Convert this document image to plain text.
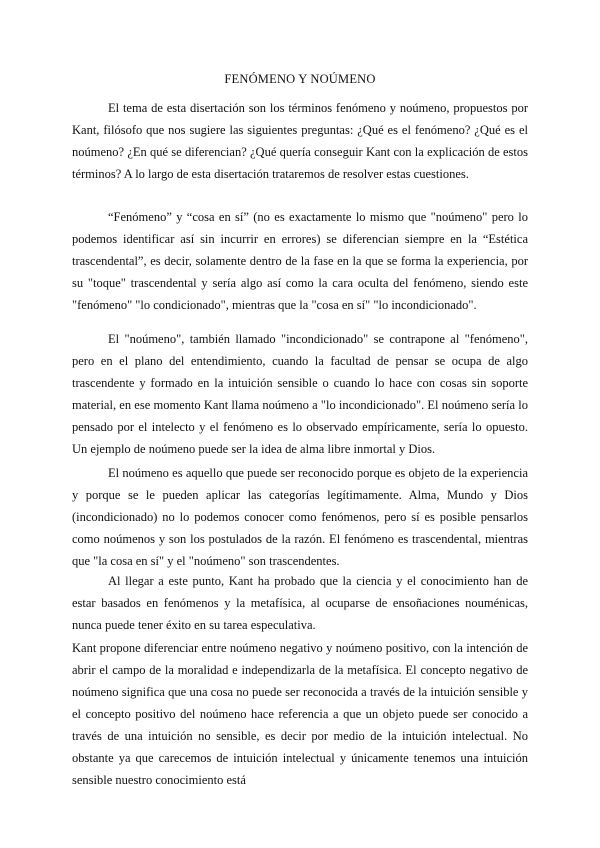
FENÓMENO Y NOÚMENO

El tema de esta disertación son los términos fenómeno y noúmeno, propuestos por Kant, filósofo que nos sugiere las siguientes preguntas: ¿Qué es el fenómeno? ¿Qué es el noúmeno? ¿En qué se diferencian? ¿Qué quería conseguir Kant con la explicación de estos términos? A lo largo de esta disertación trataremos de resolver estas cuestiones.

“Fenómeno” y “cosa en sí” (no es exactamente lo mismo que "noúmeno" pero lo podemos identificar así sin incurrir en errores) se diferencian siempre en la “Estética trascendental”, es decir, solamente dentro de la fase en la que se forma la experiencia, por su "toque" trascendental y sería algo así como la cara oculta del fenómeno, siendo este "fenómeno" "lo condicionado", mientras que la "cosa en sí" "lo incondicionado".

El "noúmeno", también llamado "incondicionado" se contrapone al "fenómeno", pero en el plano del entendimiento, cuando la facultad de pensar se ocupa de algo trascendente y formado en la intuición sensible o cuando lo hace con cosas sin soporte material, en ese momento Kant llama noúmeno a "lo incondicionado". El noúmeno sería lo pensado por el intelecto y el fenómeno es lo observado empíricamente, sería lo opuesto. Un ejemplo de noúmeno puede ser la idea de alma libre inmortal y Dios.

El noúmeno es aquello que puede ser reconocido porque es objeto de la experiencia y porque se le pueden aplicar las categorías legítimamente. Alma, Mundo y Dios (incondicionado) no lo podemos conocer como fenómenos, pero sí es posible pensarlos como noúmenos y son los postulados de la razón. El fenómeno es trascendental, mientras que "la cosa en sí" y el "noúmeno" son trascendentes.

Al llegar a este punto, Kant ha probado que la ciencia y el conocimiento han de estar basados en fenómenos y la metafísica, al ocuparse de ensoñaciones nouménicas, nunca puede tener éxito en su tarea especulativa.

Kant propone diferenciar entre noúmeno negativo y noúmeno positivo, con la intención de abrir el campo de la moralidad e independizarla de la metafísica. El concepto negativo de noúmeno significa que una cosa no puede ser reconocida a través de la intuición sensible y el concepto positivo del noúmeno hace referencia a que un objeto puede ser conocido a través de una intuición no sensible, es decir por medio de la intuición intelectual. No obstante ya que carecemos de intuición intelectual y únicamente tenemos una intuición sensible nuestro conocimiento está
